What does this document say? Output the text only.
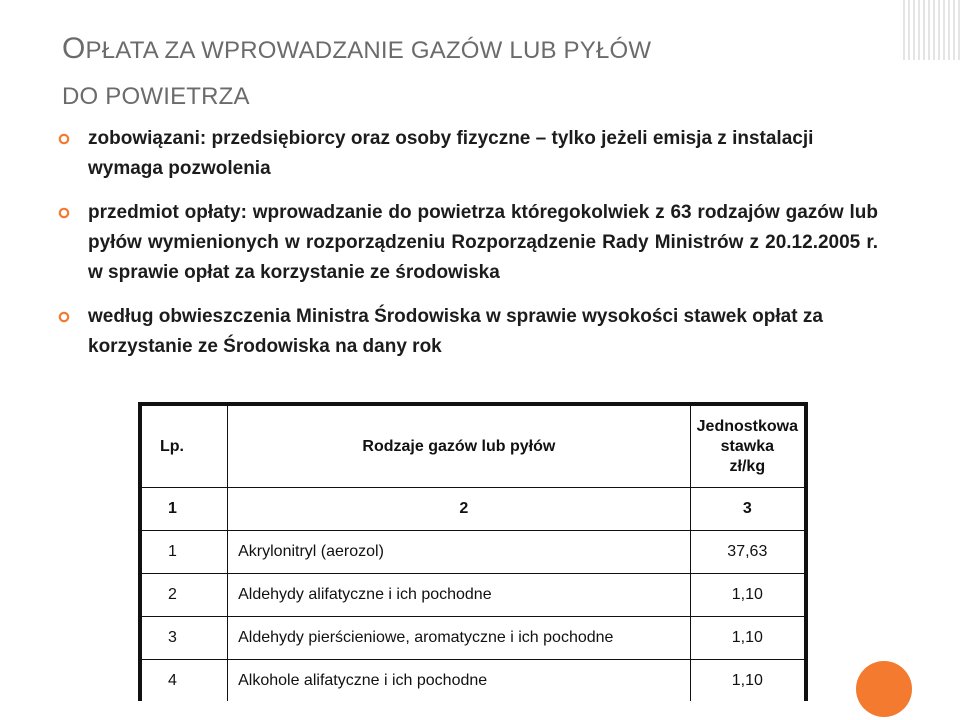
OPŁATA ZA WPROWADZANIE GAZÓW LUB PYŁÓW
DO POWIETRZA
zobowiązani: przedsiębiorcy oraz osoby fizyczne – tylko jeżeli emisja z instalacji wymaga pozwolenia
przedmiot opłaty: wprowadzanie do powietrza któregokolwiek z 63 rodzajów gazów lub pyłów wymienionych w rozporządzeniu Rozporządzenie Rady Ministrów z 20.12.2005 r. w sprawie opłat za korzystanie ze środowiska
według obwieszczenia Ministra Środowiska w sprawie wysokości stawek opłat za korzystanie ze Środowiska na dany rok
Lp.	Rodzaje gazów lub pyłów	Jednostkowa
stawka
zł/kg

1	2	3
1	Akrylonitryl (aerozol)	37,63
2	Aldehydy alifatyczne i ich pochodne	1,10
3	Aldehydy pierścieniowe, aromatyczne i ich pochodne	1,10
4	Alkohole alifatyczne i ich pochodne	1,10
